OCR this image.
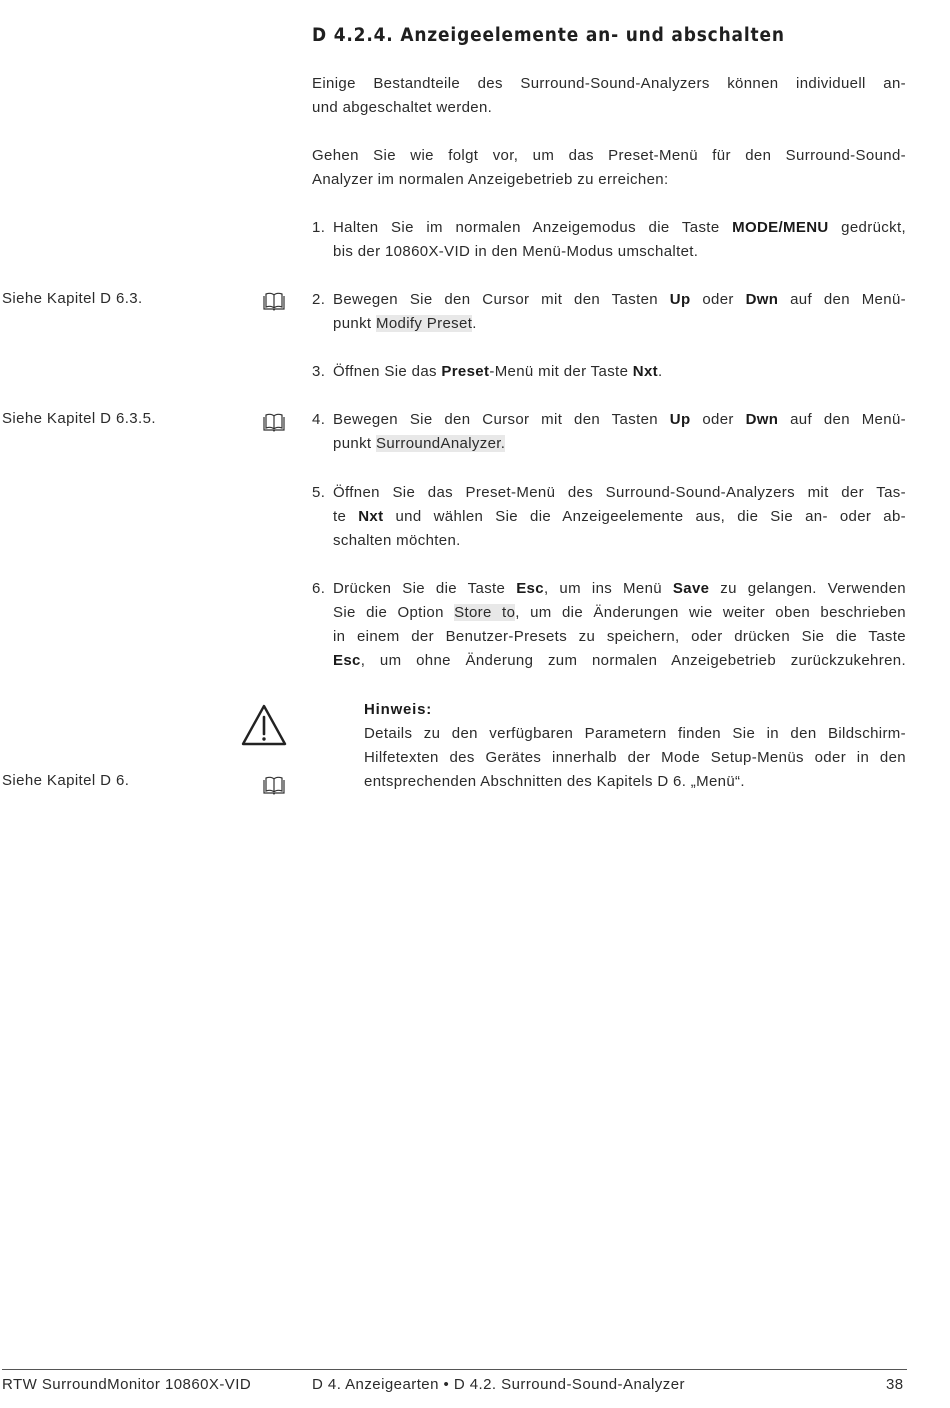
D 4.2.4. Anzeigeelemente an- und abschalten
Einige Bestandteile des Surround-Sound-Analyzers können individuell an-
und abgeschaltet werden.
Gehen Sie wie folgt vor, um das Preset-Menü für den Surround-Sound-
Analyzer im normalen Anzeigebetrieb zu erreichen:
1. Halten Sie im normalen Anzeigemodus die Taste MODE/MENU gedrückt,
bis der 10860X-VID in den Menü-Modus umschaltet.
Siehe Kapitel D 6.3.	2. Bewegen Sie den Cursor mit den Tasten Up oder Dwn auf den Menü-
punkt Modify Preset.
3. Öffnen Sie das Preset-Menü mit der Taste Nxt.
Siehe Kapitel D 6.3.5.	4. Bewegen Sie den Cursor mit den Tasten Up oder Dwn auf den Menü-
punkt SurroundAnalyzer.
5. Öffnen Sie das Preset-Menü des Surround-Sound-Analyzers mit der Tas-
te Nxt und wählen Sie die Anzeigeelemente aus, die Sie an- oder ab-
schalten möchten.
6. Drücken Sie die Taste Esc, um ins Menü Save zu gelangen. Verwenden
Sie die Option Store to, um die Änderungen wie weiter oben beschrieben
in einem der Benutzer-Presets zu speichern, oder drücken Sie die Taste
Esc, um ohne Änderung zum normalen Anzeigebetrieb zurückzukehren.
Siehe Kapitel D 6.
Hinweis:
Details zu den verfügbaren Parametern finden Sie in den Bildschirm-
Hilfetexten des Gerätes innerhalb der Mode Setup-Menüs oder in den
entsprechenden Abschnitten des Kapitels D 6. „Menü“.
RTW SurroundMonitor 10860X-VID	D 4. Anzeigearten • D 4.2. Surround-Sound-Analyzer	38
